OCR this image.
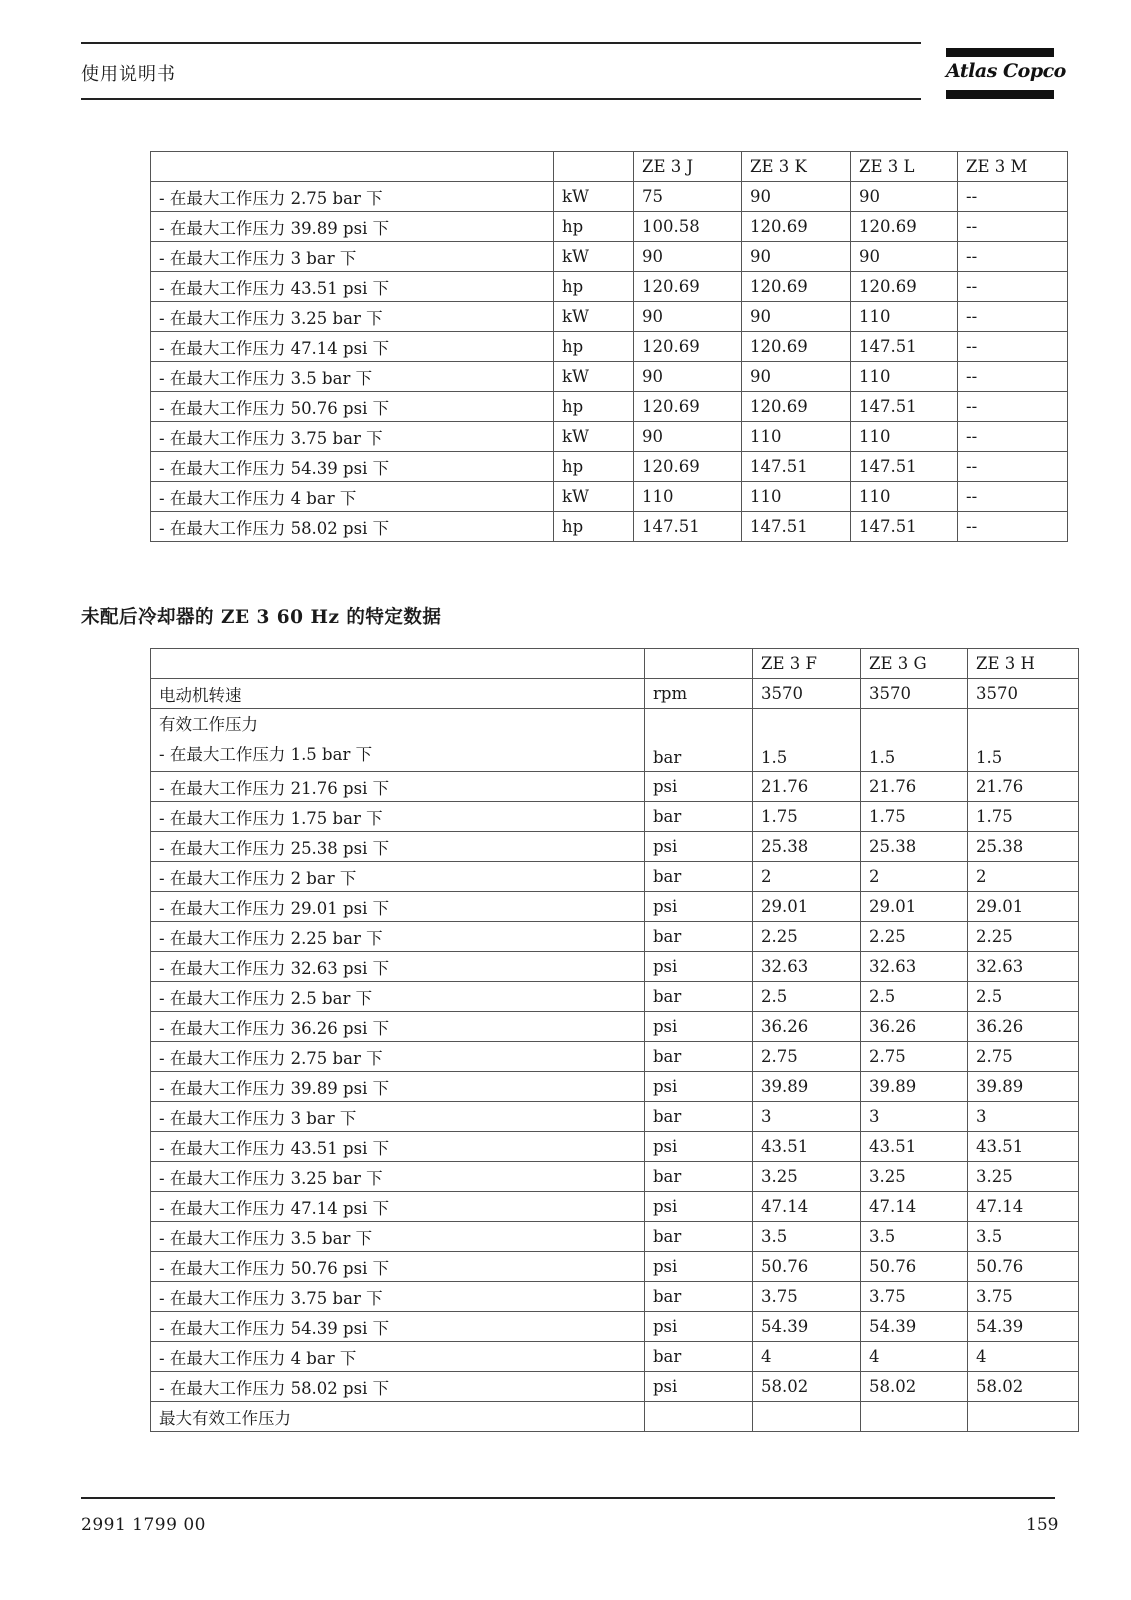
使用说明书	Atlas Copco
		ZE 3 J	ZE 3 K	ZE 3 L	ZE 3 M
- 在最大工作压力 2.75 bar 下	kW	75	90	90	--
- 在最大工作压力 39.89 psi 下	hp	100.58	120.69	120.69	--
- 在最大工作压力 3 bar 下	kW	90	90	90	--
- 在最大工作压力 43.51 psi 下	hp	120.69	120.69	120.69	--
- 在最大工作压力 3.25 bar 下	kW	90	90	110	--
- 在最大工作压力 47.14 psi 下	hp	120.69	120.69	147.51	--
- 在最大工作压力 3.5 bar 下	kW	90	90	110	--
- 在最大工作压力 50.76 psi 下	hp	120.69	120.69	147.51	--
- 在最大工作压力 3.75 bar 下	kW	90	110	110	--
- 在最大工作压力 54.39 psi 下	hp	120.69	147.51	147.51	--
- 在最大工作压力 4 bar 下	kW	110	110	110	--
- 在最大工作压力 58.02 psi 下	hp	147.51	147.51	147.51	--
未配后冷却器的 ZE 3 60 Hz 的特定数据
		ZE 3 F	ZE 3 G	ZE 3 H
电动机转速	rpm	3570	3570	3570

有效工作压力
- 在最大工作压力 1.5 bar 下	bar	1.5	1.5	1.5
- 在最大工作压力 21.76 psi 下	psi	21.76	21.76	21.76
- 在最大工作压力 1.75 bar 下	bar	1.75	1.75	1.75
- 在最大工作压力 25.38 psi 下	psi	25.38	25.38	25.38
- 在最大工作压力 2 bar 下	bar	2	2	2
- 在最大工作压力 29.01 psi 下	psi	29.01	29.01	29.01
- 在最大工作压力 2.25 bar 下	bar	2.25	2.25	2.25
- 在最大工作压力 32.63 psi 下	psi	32.63	32.63	32.63
- 在最大工作压力 2.5 bar 下	bar	2.5	2.5	2.5
- 在最大工作压力 36.26 psi 下	psi	36.26	36.26	36.26
- 在最大工作压力 2.75 bar 下	bar	2.75	2.75	2.75
- 在最大工作压力 39.89 psi 下	psi	39.89	39.89	39.89
- 在最大工作压力 3 bar 下	bar	3	3	3
- 在最大工作压力 43.51 psi 下	psi	43.51	43.51	43.51
- 在最大工作压力 3.25 bar 下	bar	3.25	3.25	3.25
- 在最大工作压力 47.14 psi 下	psi	47.14	47.14	47.14
- 在最大工作压力 3.5 bar 下	bar	3.5	3.5	3.5
- 在最大工作压力 50.76 psi 下	psi	50.76	50.76	50.76
- 在最大工作压力 3.75 bar 下	bar	3.75	3.75	3.75
- 在最大工作压力 54.39 psi 下	psi	54.39	54.39	54.39
- 在最大工作压力 4 bar 下	bar	4	4	4
- 在最大工作压力 58.02 psi 下	psi	58.02	58.02	58.02
最大有效工作压力				
2991 1799 00	159
